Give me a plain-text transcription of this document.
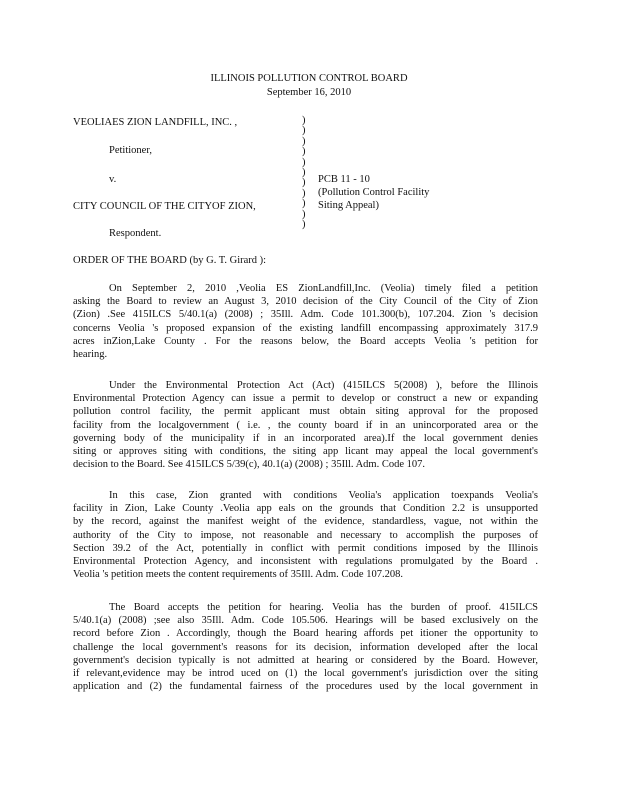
ILLINOIS POLLUTION CONTROL BOARD
September 16, 2010
VEOLIAES ZION LANDFILL, INC. ,
Petitioner,
v.
CITY COUNCIL OF THE CITYOF ZION,
Respondent.
)
)
)
)
)
)
)
)
)
)
)
PCB 11 - 10
(Pollution Control Facility
Siting Appeal)
ORDER OF THE BOARD (by G. T. Girard ):
On September 2, 2010 ,Veolia ES ZionLandfill,Inc. (Veolia) timely filed a petition
asking the Board to review an August 3, 2010 decision of the City Council of the City of Zion
(Zion) .See 415ILCS 5/40.1(a) (2008) ; 35Ill. Adm. Code 101.300(b), 107.204. Zion 's decision
concerns Veolia 's proposed expansion of the existing landfill encompassing approximately 317.9
acres inZion,Lake County . For the reasons below, the Board accepts Veolia 's petition for
hearing.
Under the Environmental Protection Act (Act) (415ILCS 5(2008) ), before the Illinois
Environmental Protection Agency can issue a permit to develop or construct a new or expanding
pollution control facility, the permit applicant must obtain siting approval for the proposed
facility from the localgovernment ( i.e. , the county board if in an unincorporated area or the
governing body of the municipality if in an incorporated area).If the local government denies
siting or approves siting with conditions, the siting app licant may appeal the local government's
decision to the Board. See 415ILCS 5/39(c), 40.1(a) (2008) ; 35Ill. Adm. Code 107.
In this case, Zion granted with conditions Veolia's application toexpands Veolia's
facility in Zion, Lake County .Veolia app eals on the grounds that Condition 2.2 is unsupported
by the record, against the manifest weight of the evidence, standardless, vague, not within the
authority of the City to impose, not reasonable and necessary to accomplish the purposes of
Section 39.2 of the Act, potentially in conflict with permit conditions imposed by the Illinois
Environmental Protection Agency, and inconsistent with regulations promulgated by the Board .
Veolia 's petition meets the content requirements of 35Ill. Adm. Code 107.208.
The Board accepts the petition for hearing. Veolia has the burden of proof. 415ILCS
5/40.1(a) (2008) ;see also 35Ill. Adm. Code 105.506. Hearings will be based exclusively on the
record before Zion . Accordingly, though the Board hearing affords pet itioner the opportunity to
challenge the local government's reasons for its decision, information developed after the local
government's decision typically is not admitted at hearing or considered by the Board. However,
if relevant,evidence may be introd uced on (1) the local government's jurisdiction over the siting
application and (2) the fundamental fairness of the procedures used by the local government in
